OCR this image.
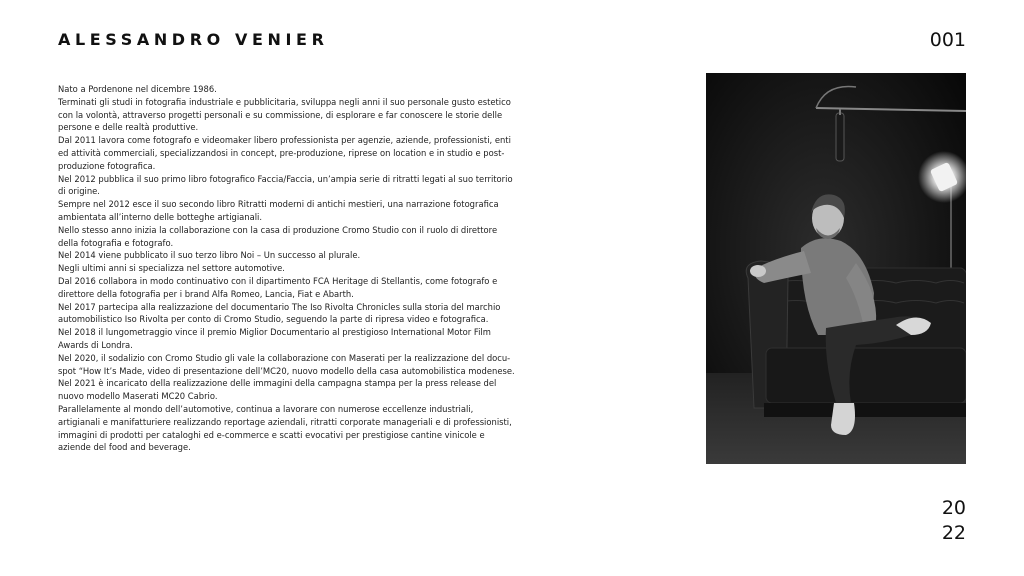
ALESSANDRO VENIER	001

Nato a Pordenone nel dicembre 1986.

Terminati gli studi in fotografia industriale e pubblicitaria, sviluppa negli anni il suo personale gusto estetico con la volontà, attraverso progetti personali e su commissione, di esplorare e far conoscere le storie delle persone e delle realtà produttive.

Dal 2011 lavora come fotografo e videomaker libero professionista per agenzie, aziende, professionisti, enti ed attività commerciali, specializzandosi in concept, pre-produzione, riprese on location e in studio e post-produzione fotografica.

Nel 2012 pubblica il suo primo libro fotografico Faccia/Faccia, un’ampia serie di ritratti legati al suo territorio di origine.

Sempre nel 2012 esce il suo secondo libro Ritratti moderni di antichi mestieri, una narrazione fotografica ambientata all’interno delle botteghe artigianali.

Nello stesso anno inizia la collaborazione con la casa di produzione Cromo Studio con il ruolo di direttore della fotografia e fotografo.

Nel 2014 viene pubblicato il suo terzo libro Noi – Un successo al plurale.

Negli ultimi anni si specializza nel settore automotive.

Dal 2016 collabora in modo continuativo con il dipartimento FCA Heritage di Stellantis, come fotografo e direttore della fotografia per i brand Alfa Romeo, Lancia, Fiat e Abarth.

Nel 2017 partecipa alla realizzazione del documentario The Iso Rivolta Chronicles sulla storia del marchio automobilistico Iso Rivolta per conto di Cromo Studio, seguendo la parte di ripresa video e fotografica.

Nel 2018 il lungometraggio vince il premio Miglior Documentario al prestigioso International Motor Film Awards di Londra.

Nel 2020, il sodalizio con Cromo Studio gli vale la collaborazione con Maserati per la realizzazione del docu-spot “How It’s Made, video di presentazione dell’MC20, nuovo modello della casa automobilistica modenese.

Nel 2021 è incaricato della realizzazione delle immagini della campagna stampa per la press release del nuovo modello Maserati MC20 Cabrio.

Parallelamente al mondo dell’automotive, continua a lavorare con numerose eccellenze industriali, artigianali e manifatturiere realizzando reportage aziendali, ritratti corporate manageriali e di professionisti, immagini di prodotti per cataloghi ed e-commerce e scatti evocativi per prestigiose cantine vinicole e aziende del food and beverage.

20
22
